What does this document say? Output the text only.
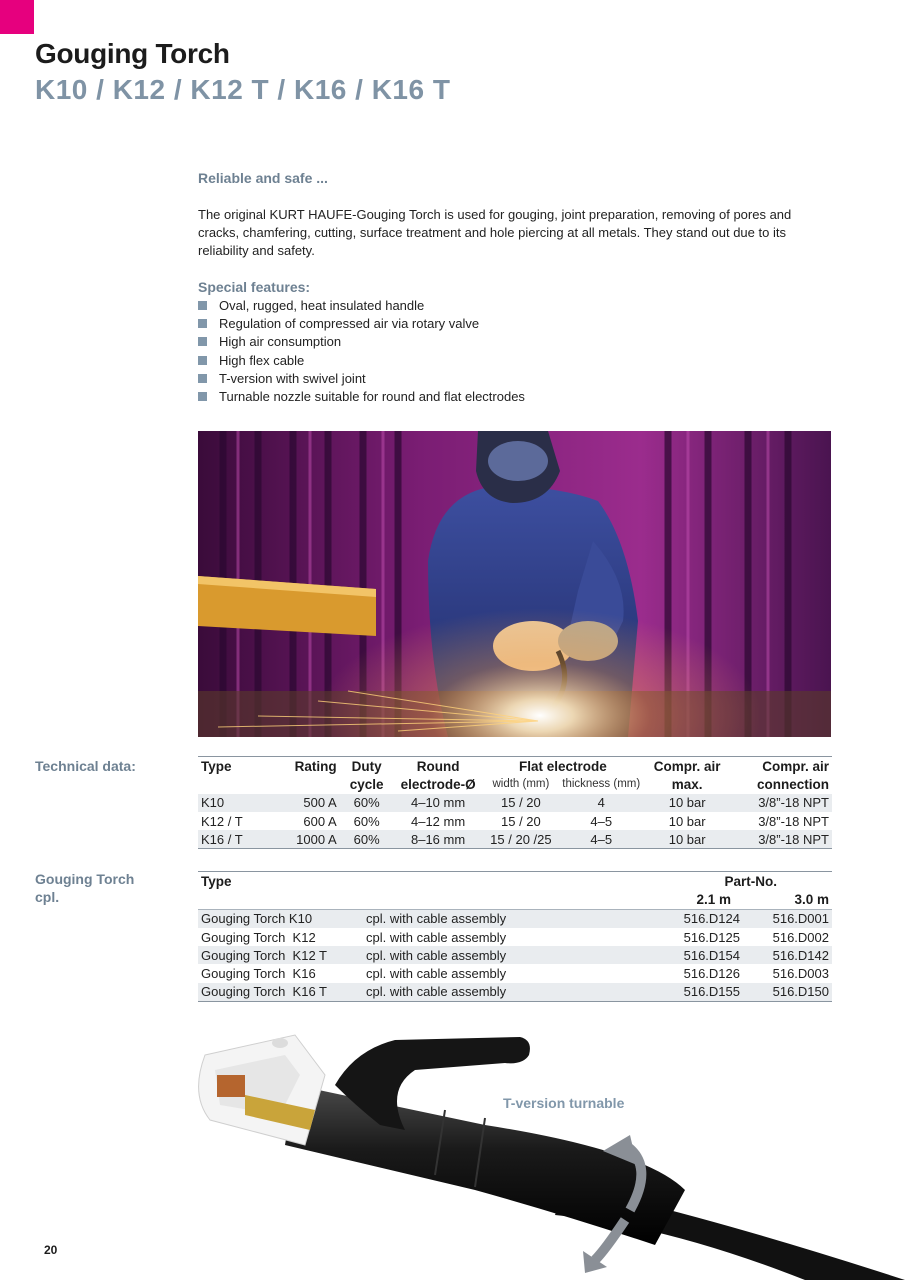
Gouging Torch
K10 / K12 / K12 T / K16 / K16 T
Reliable and safe ...
The original KURT HAUFE-Gouging Torch is used for gouging, joint preparation, removing of pores and cracks, chamfering, cutting, surface treatment and hole piercing at all metals. They stand out due to its reliability and safety.
Special features:
Oval, rugged, heat insulated handle
Regulation of compressed air via rotary valve
High air consumption
High flex cable
T-version with swivel joint
Turnable nozzle suitable for round and flat electrodes
Technical data:	Type	Rating	Duty	Round	Flat electrode		Compr. air	Compr. air
		cycle	electrode-Ø	width (mm)	thickness (mm)	max.	connection
K10	500 A	60%	4–10 mm	15 / 20	4	10 bar	3/8”-18 NPT
K12 / T	600 A	60%	4–12 mm	15 / 20	4–5	10 bar	3/8”-18 NPT
K16 / T	1000 A	60%	8–16 mm	15 / 20 /25	4–5	10 bar	3/8”-18 NPT
Gouging Torch
cpl.
Type		Part-No.	
		2.1 m	3.0 m
Gouging Torch K10	cpl. with cable assembly	516.D124	516.D001
Gouging Torch  K12	cpl. with cable assembly	516.D125	516.D002
Gouging Torch  K12 T	cpl. with cable assembly	516.D154	516.D142
Gouging Torch  K16	cpl. with cable assembly	516.D126	516.D003
Gouging Torch  K16 T	cpl. with cable assembly	516.D155	516.D150
T-version turnable
20
